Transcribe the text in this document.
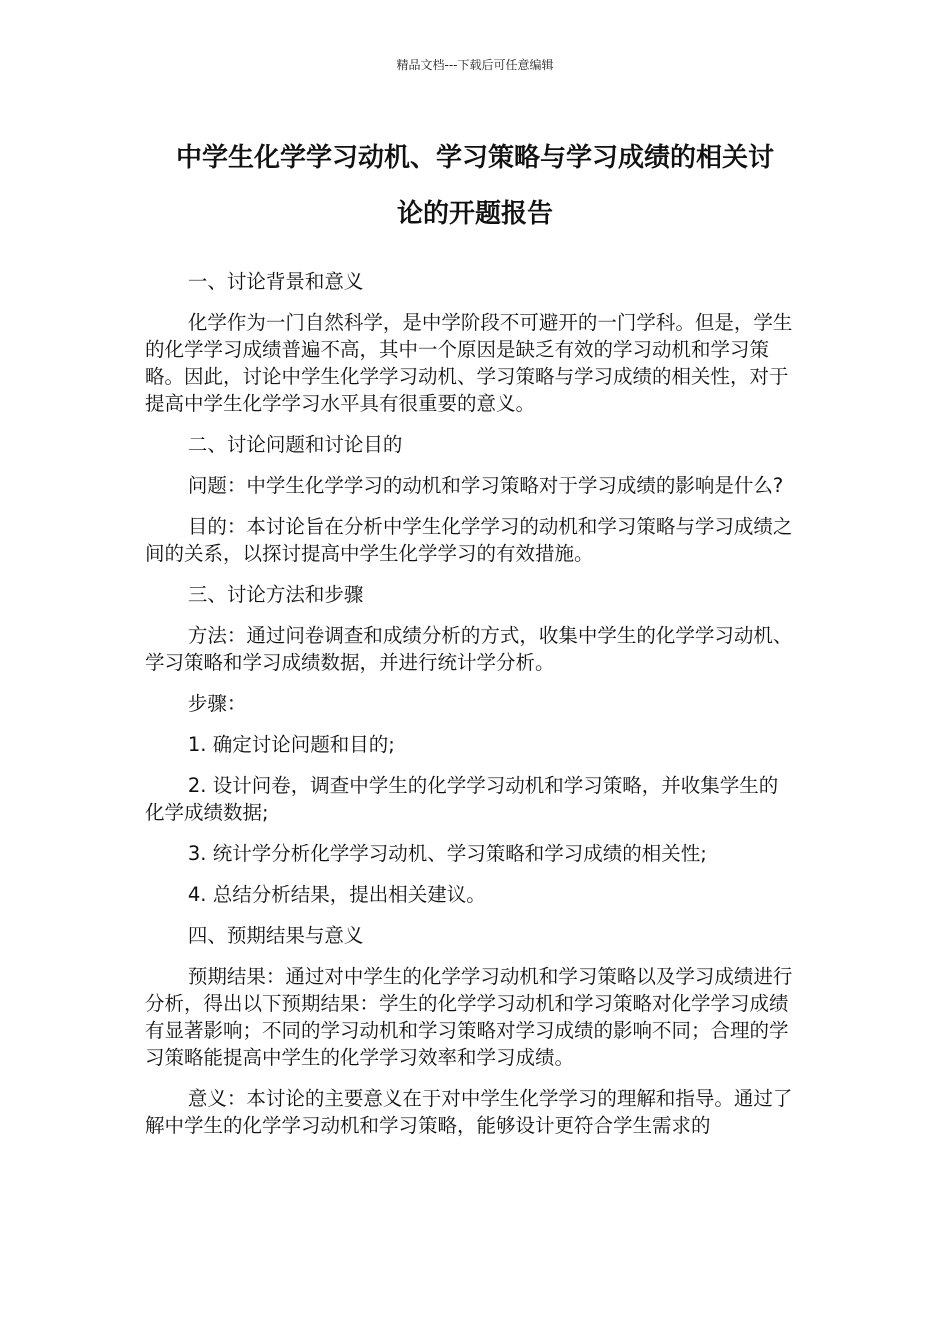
精品文档---下载后可任意编辑
中学生化学学习动机、学习策略与学习成绩的相关讨
论的开题报告

一、讨论背景和意义

化学作为一门自然科学，是中学阶段不可避开的一门学科。但是，学生的化学学习成绩普遍不高，其中一个原因是缺乏有效的学习动机和学习策略。因此，讨论中学生化学学习动机、学习策略与学习成绩的相关性，对于提高中学生化学学习水平具有很重要的意义。

二、讨论问题和讨论目的

问题：中学生化学学习的动机和学习策略对于学习成绩的影响是什么?

目的：本讨论旨在分析中学生化学学习的动机和学习策略与学习成绩之间的关系，以探讨提高中学生化学学习的有效措施。

三、讨论方法和步骤

方法：通过问卷调查和成绩分析的方式，收集中学生的化学学习动机、学习策略和学习成绩数据，并进行统计学分析。

步骤：

1. 确定讨论问题和目的;

2. 设计问卷，调查中学生的化学学习动机和学习策略，并收集学生的化学成绩数据;

3. 统计学分析化学学习动机、学习策略和学习成绩的相关性;

4. 总结分析结果，提出相关建议。

四、预期结果与意义

预期结果：通过对中学生的化学学习动机和学习策略以及学习成绩进行分析，得出以下预期结果：学生的化学学习动机和学习策略对化学学习成绩有显著影响；不同的学习动机和学习策略对学习成绩的影响不同；合理的学习策略能提高中学生的化学学习效率和学习成绩。

意义：本讨论的主要意义在于对中学生化学学习的理解和指导。通过了解中学生的化学学习动机和学习策略，能够设计更符合学生需求的
